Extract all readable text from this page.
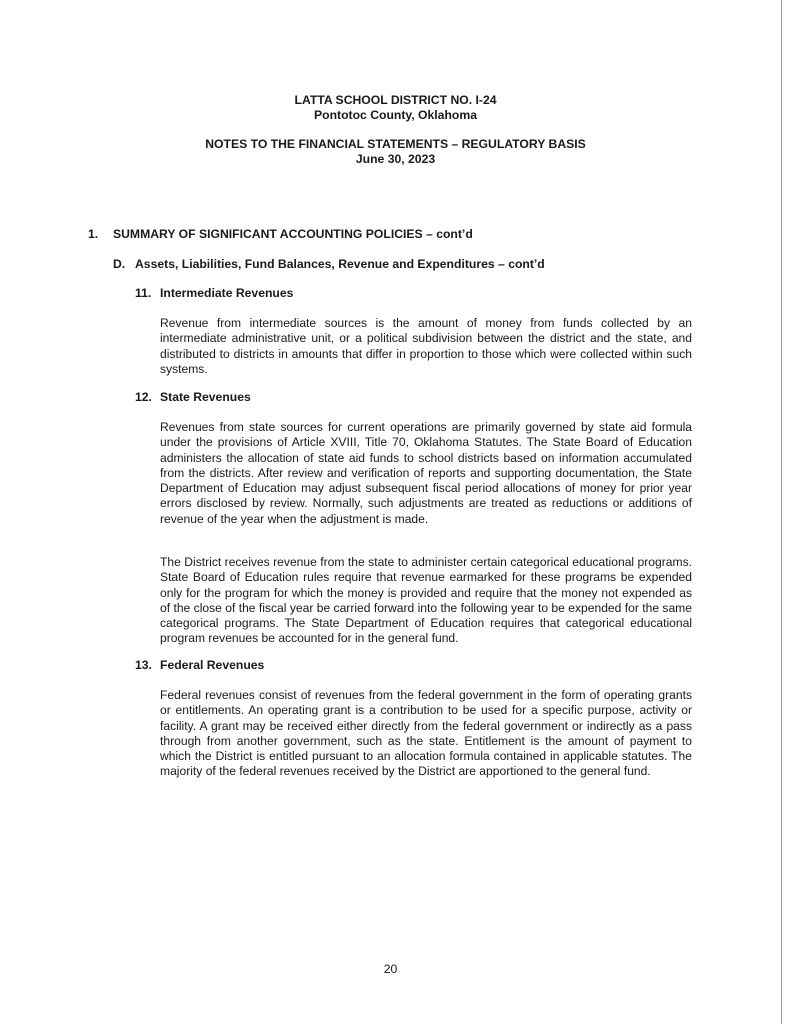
LATTA SCHOOL DISTRICT NO. I-24
Pontotoc County, Oklahoma
NOTES TO THE FINANCIAL STATEMENTS – REGULATORY BASIS
June 30, 2023
1. SUMMARY OF SIGNIFICANT ACCOUNTING POLICIES – cont’d
D. Assets, Liabilities, Fund Balances, Revenue and Expenditures – cont’d
11. Intermediate Revenues
Revenue from intermediate sources is the amount of money from funds collected by an intermediate administrative unit, or a political subdivision between the district and the state, and distributed to districts in amounts that differ in proportion to those which were collected within such systems.
12. State Revenues
Revenues from state sources for current operations are primarily governed by state aid formula under the provisions of Article XVIII, Title 70, Oklahoma Statutes. The State Board of Education administers the allocation of state aid funds to school districts based on information accumulated from the districts. After review and verification of reports and supporting documentation, the State Department of Education may adjust subsequent fiscal period allocations of money for prior year errors disclosed by review. Normally, such adjustments are treated as reductions or additions of revenue of the year when the adjustment is made.
The District receives revenue from the state to administer certain categorical educational programs. State Board of Education rules require that revenue earmarked for these programs be expended only for the program for which the money is provided and require that the money not expended as of the close of the fiscal year be carried forward into the following year to be expended for the same categorical programs. The State Department of Education requires that categorical educational program revenues be accounted for in the general fund.
13. Federal Revenues
Federal revenues consist of revenues from the federal government in the form of operating grants or entitlements. An operating grant is a contribution to be used for a specific purpose, activity or facility. A grant may be received either directly from the federal government or indirectly as a pass through from another government, such as the state. Entitlement is the amount of payment to which the District is entitled pursuant to an allocation formula contained in applicable statutes. The majority of the federal revenues received by the District are apportioned to the general fund.
20
